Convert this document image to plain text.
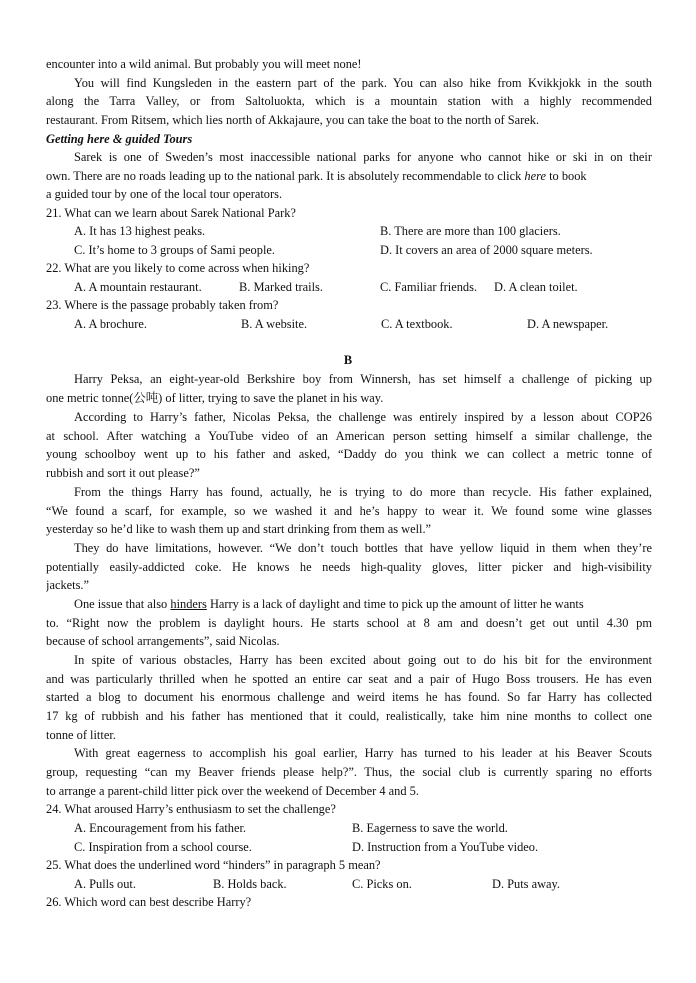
encounter into a wild animal. But probably you will meet none!
You will find Kungsleden in the eastern part of the park. You can also hike from Kvikkjokk in the south
along the Tarra Valley, or from Saltoluokta, which is a mountain station with a highly recommended
restaurant. From Ritsem, which lies north of Akkajaure, you can take the boat to the north of Sarek.
Getting here & guided Tours
Sarek is one of Sweden’s most inaccessible national parks for anyone who cannot hike or ski in on their
own. There are no roads leading up to the national park. It is absolutely recommendable to click here to book
a guided tour by one of the local tour operators.
21. What can we learn about Sarek National Park?
A. It has 13 highest peaks.	B. There are more than 100 glaciers.
C. It’s home to 3 groups of Sami people.	D. It covers an area of 2000 square meters.
22. What are you likely to come across when hiking?
A. A mountain restaurant.	B. Marked trails.	C. Familiar friends. D. A clean toilet.
23. Where is the passage probably taken from?
A. A brochure.	B. A website.	C. A textbook.	D. A newspaper.
B
Harry Peksa, an eight-year-old Berkshire boy from Winnersh, has set himself a challenge of picking up
one metric tonne(公吨) of litter, trying to save the planet in his way.
According to Harry’s father, Nicolas Peksa, the challenge was entirely inspired by a lesson about COP26
at school. After watching a YouTube video of an American person setting himself a similar challenge, the
young schoolboy went up to his father and asked, “Daddy do you think we can collect a metric tonne of
rubbish and sort it out please?”
From the things Harry has found, actually, he is trying to do more than recycle. His father explained,
“We found a scarf, for example, so we washed it and he’s happy to wear it. We found some wine glasses
yesterday so he’d like to wash them up and start drinking from them as well.”
They do have limitations, however. “We don’t touch bottles that have yellow liquid in them when they’re
potentially easily-addicted coke. He knows he needs high-quality gloves, litter picker and high-visibility
jackets.”
One issue that also hinders Harry is a lack of daylight and time to pick up the amount of litter he wants
to. “Right now the problem is daylight hours. He starts school at 8 am and doesn’t get out until 4.30 pm
because of school arrangements”, said Nicolas.
In spite of various obstacles, Harry has been excited about going out to do his bit for the environment
and was particularly thrilled when he spotted an entire car seat and a pair of Hugo Boss trousers. He has even
started a blog to document his enormous challenge and weird items he has found. So far Harry has collected
17 kg of rubbish and his father has mentioned that it could, realistically, take him nine months to collect one
tonne of litter.
With great eagerness to accomplish his goal earlier, Harry has turned to his leader at his Beaver Scouts
group, requesting “can my Beaver friends please help?”. Thus, the social club is currently sparing no efforts
to arrange a parent-child litter pick over the weekend of December 4 and 5.
24. What aroused Harry’s enthusiasm to set the challenge?
A. Encouragement from his father.	B. Eagerness to save the world.
C. Inspiration from a school course.	D. Instruction from a YouTube video.
25. What does the underlined word “hinders” in paragraph 5 mean?
A. Pulls out.	B. Holds back.	C. Picks on.	D. Puts away.
26. Which word can best describe Harry?
